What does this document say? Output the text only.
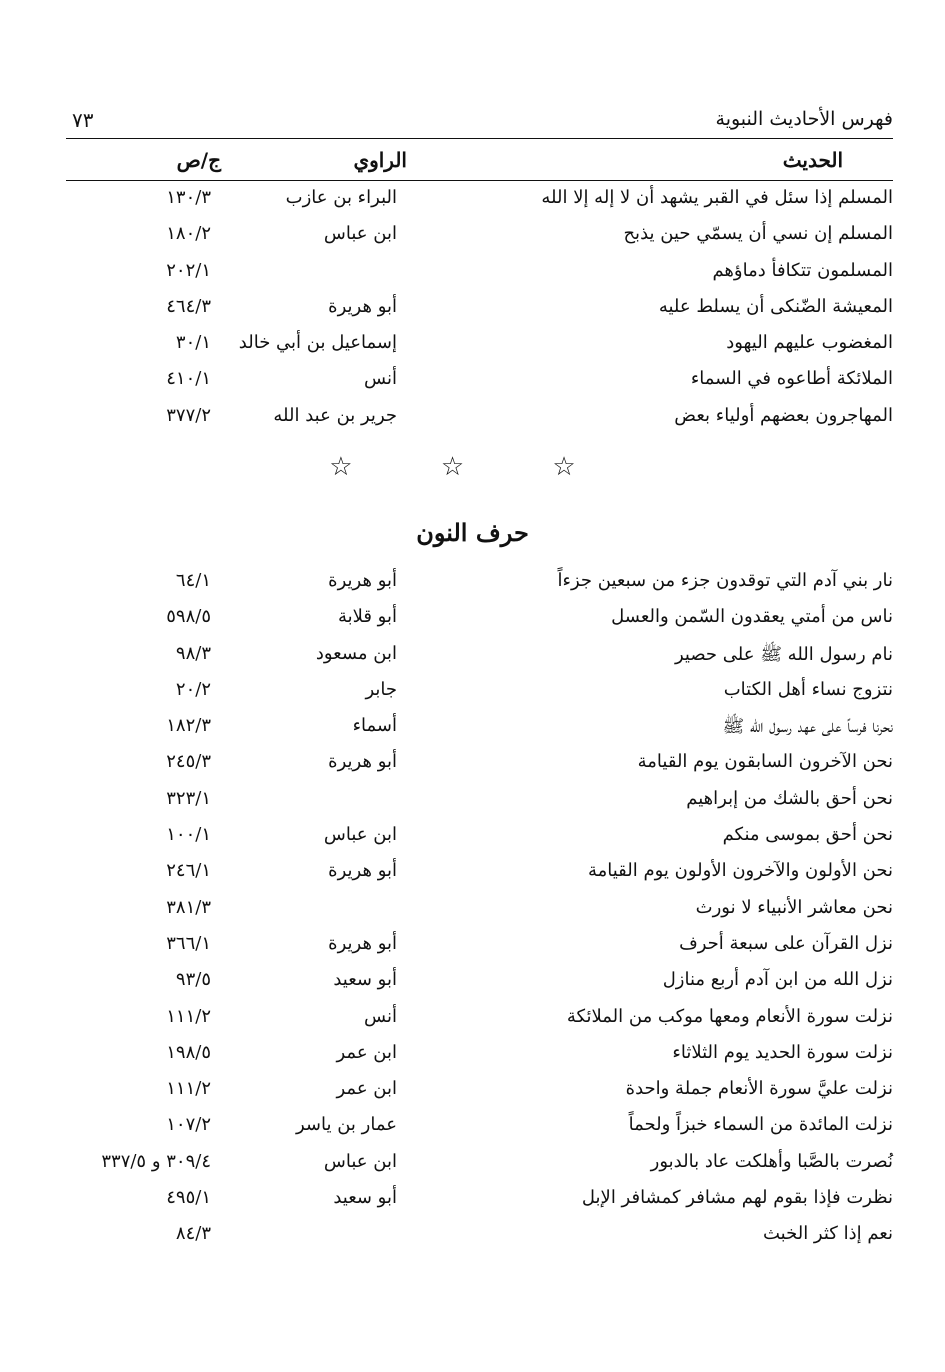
فهرس الأحاديث النبوية
٧٣
الحديث
الراوي
ج/ص
المسلم إذا سئل في القبر يشهد أن لا إله إلا الله
البراء بن عازب
١٣٠/٣
المسلم إن نسي أن يسمّي حين يذبح
ابن عباس
١٨٠/٢
المسلمون تتكافأ دماؤهم
٢٠٢/١
المعيشة الضّنكى أن يسلط عليه
أبو هريرة
٤٦٤/٣
المغضوب عليهم اليهود
إسماعيل بن أبي خالد
٣٠/١
الملائكة أطاعوه في السماء
أنس
٤١٠/١
المهاجرون بعضهم أولياء بعض
جرير بن عبد الله
٣٧٧/٢
☆ ☆ ☆
حرف النون
نار بني آدم التي توقدون جزء من سبعين جزءاً
أبو هريرة
٦٤/١
ناس من أمتي يعقدون السّمن والعسل
أبو قلابة
٥٩٨/٥
نام رسول الله ﷺ على حصير
ابن مسعود
٩٨/٣
نتزوج نساء أهل الكتاب
جابر
٢٠/٢
نحرنا فرساً على عهد رسول الله ﷺ
أسماء
١٨٢/٣
نحن الآخرون السابقون يوم القيامة
أبو هريرة
٢٤٥/٣
نحن أحق بالشك من إبراهيم
٣٢٣/١
نحن أحق بموسى منكم
ابن عباس
١٠٠/١
نحن الأولون والآخرون الأولون يوم القيامة
أبو هريرة
٢٤٦/١
نحن معاشر الأنبياء لا نورث
٣٨١/٣
نزل القرآن على سبعة أحرف
أبو هريرة
٣٦٦/١
نزل الله من ابن آدم أربع منازل
أبو سعيد
٩٣/٥
نزلت سورة الأنعام ومعها موكب من الملائكة
أنس
١١١/٢
نزلت سورة الحديد يوم الثلاثاء
ابن عمر
١٩٨/٥
نزلت عليَّ سورة الأنعام جملة واحدة
ابن عمر
١١١/٢
نزلت المائدة من السماء خبزاً ولحماً
عمار بن ياسر
١٠٧/٢
نُصرت بالصَّبا وأهلكت عاد بالدبور
ابن عباس
٣٠٩/٤ و ٣٣٧/٥
نظرت فإذا بقوم لهم مشافر كمشافر الإبل
أبو سعيد
٤٩٥/١
نعم إذا كثر الخبث
٨٤/٣
